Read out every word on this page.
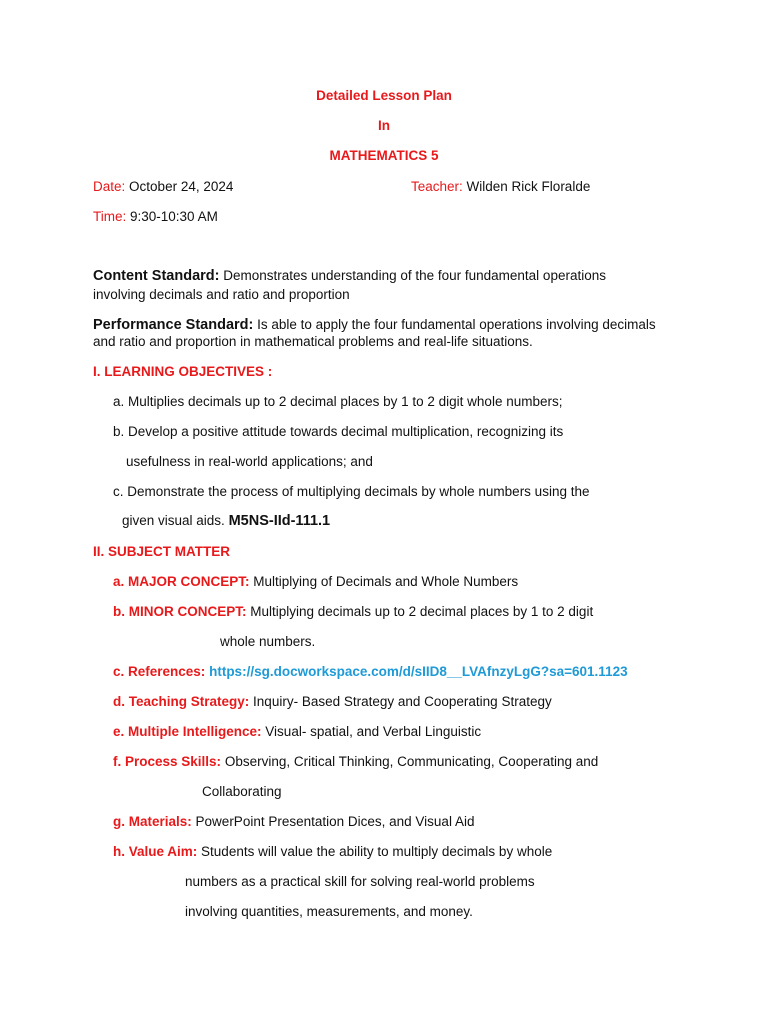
Detailed Lesson Plan
In
MATHEMATICS 5
Date: October 24, 2024	Teacher: Wilden Rick Floralde
Time: 9:30-10:30 AM
Content Standard: Demonstrates understanding of the four fundamental operations
involving decimals and ratio and proportion
Performance Standard: Is able to apply the four fundamental operations involving decimals
and ratio and proportion in mathematical problems and real-life situations.
I. LEARNING OBJECTIVES :
a. Multiplies decimals up to 2 decimal places by 1 to 2 digit whole numbers;
b. Develop a positive attitude towards decimal multiplication, recognizing its
usefulness in real-world applications; and
c. Demonstrate the process of multiplying decimals by whole numbers using the
given visual aids. M5NS-IId-111.1
II. SUBJECT MATTER
a. MAJOR CONCEPT: Multiplying of Decimals and Whole Numbers
b. MINOR CONCEPT: Multiplying decimals up to 2 decimal places by 1 to 2 digit
whole numbers.
c. References: https://sg.docworkspace.com/d/sIID8__LVAfnzyLgG?sa=601.1123
d. Teaching Strategy: Inquiry- Based Strategy and Cooperating Strategy
e. Multiple Intelligence: Visual- spatial, and Verbal Linguistic
f. Process Skills: Observing, Critical Thinking, Communicating, Cooperating and
Collaborating
g. Materials: PowerPoint Presentation Dices, and Visual Aid
h. Value Aim: Students will value the ability to multiply decimals by whole
numbers as a practical skill for solving real-world problems
involving quantities, measurements, and money.
